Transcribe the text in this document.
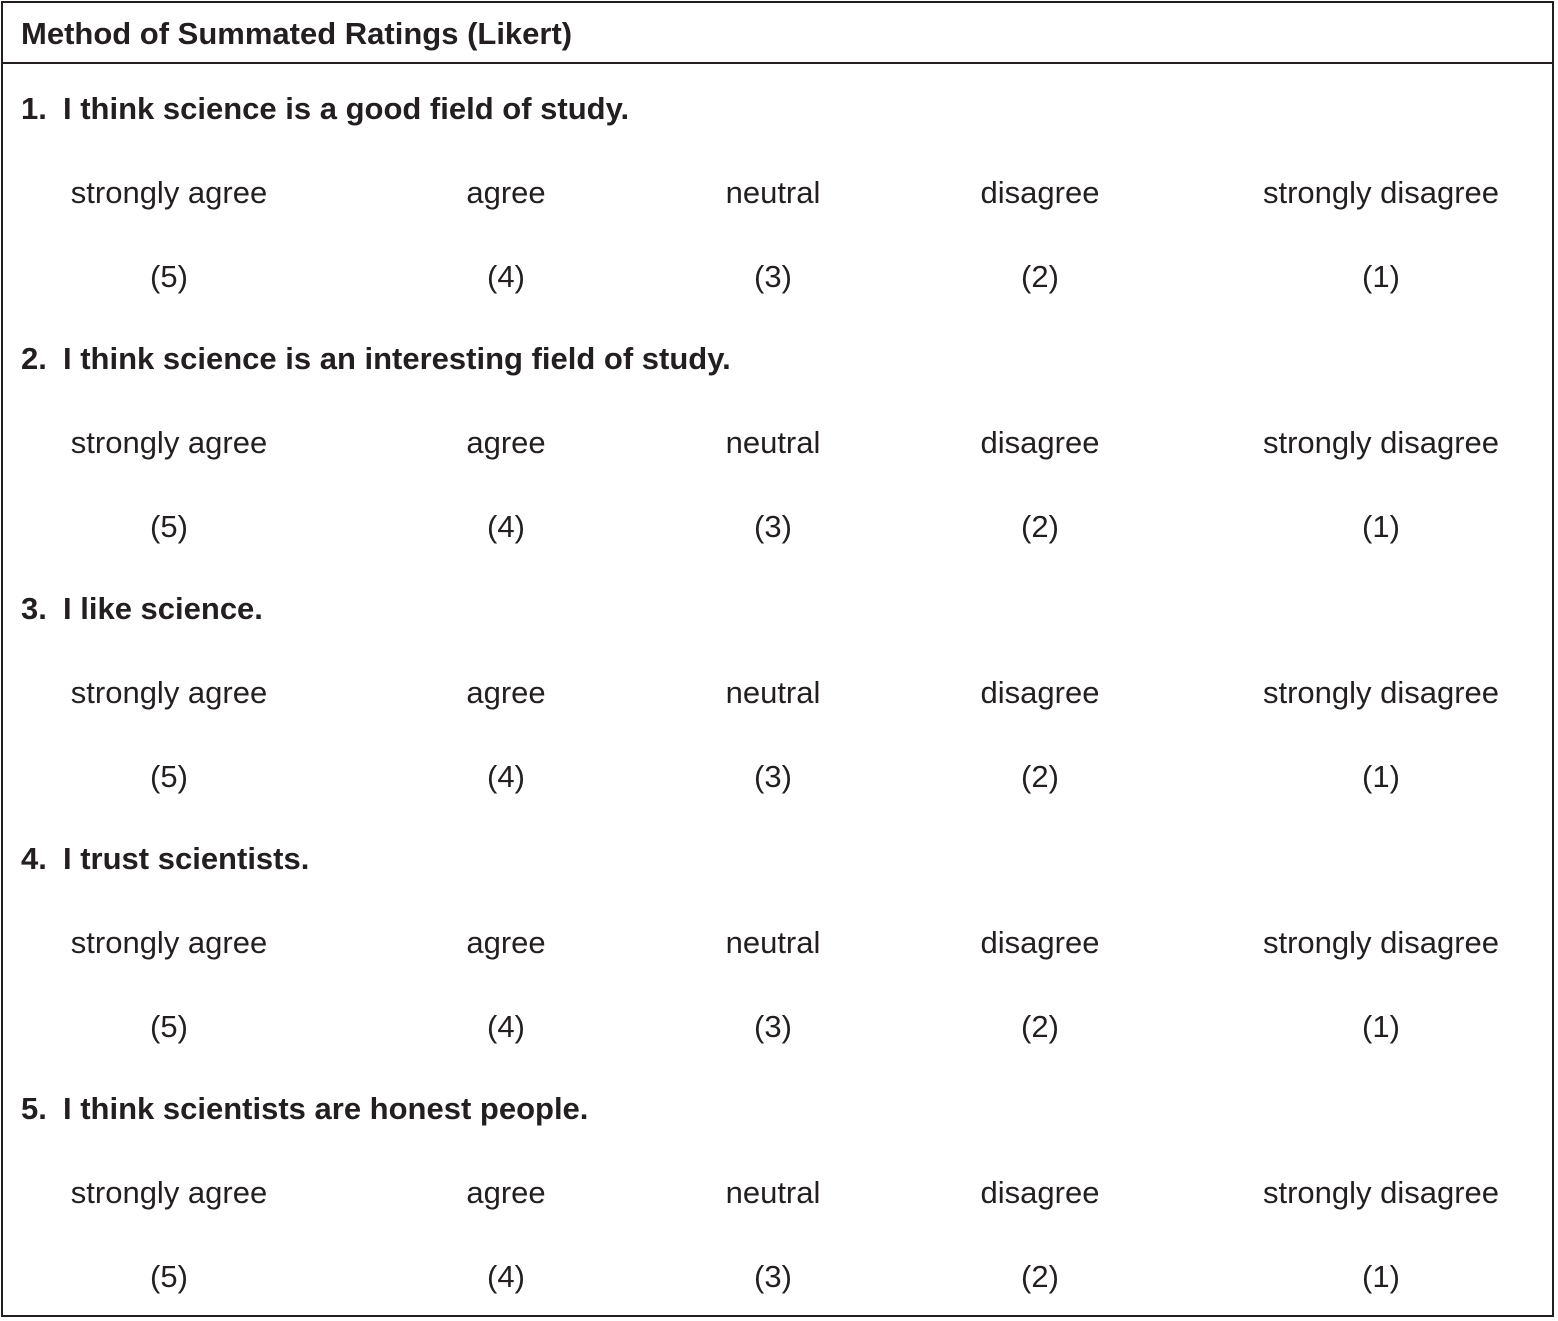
Method of Summated Ratings (Likert)
1. I think science is a good field of study.
strongly agree	agree	neutral	disagree	strongly disagree
(5)	(4)	(3)	(2)	(1)
2. I think science is an interesting field of study.
strongly agree	agree	neutral	disagree	strongly disagree
(5)	(4)	(3)	(2)	(1)
3. I like science.
strongly agree	agree	neutral	disagree	strongly disagree
(5)	(4)	(3)	(2)	(1)
4. I trust scientists.
strongly agree	agree	neutral	disagree	strongly disagree
(5)	(4)	(3)	(2)	(1)
5. I think scientists are honest people.
strongly agree	agree	neutral	disagree	strongly disagree
(5)	(4)	(3)	(2)	(1)
